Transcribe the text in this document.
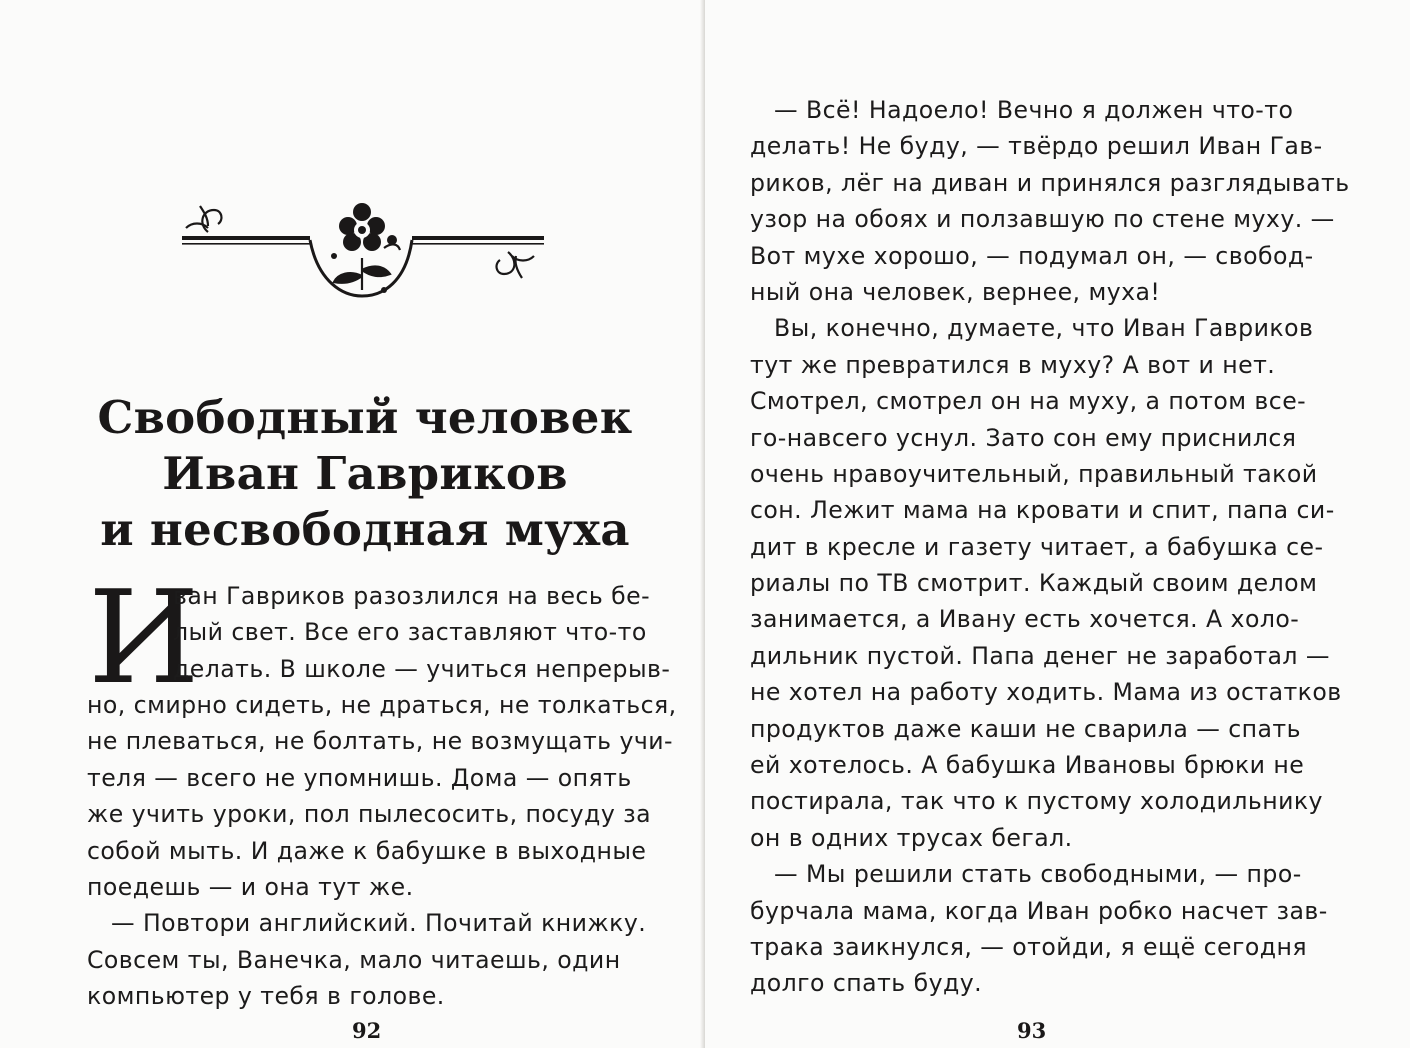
Свободный человек
Иван Гавриков
и несвободная муха
И
ван Гавриков разозлился на весь бе-
лый свет. Все его заставляют что-то
делать. В школе — учиться непрерыв-
но, смирно сидеть, не драться, не толкаться,
не плеваться, не болтать, не возмущать учи-
теля — всего не упомнишь. Дома — опять
же учить уроки, пол пылесосить, посуду за
собой мыть. И даже к бабушке в выходные
поедешь — и она тут же.
— Повтори английский. Почитай книжку.
Совсем ты, Ванечка, мало читаешь, один
компьютер у тебя в голове.
92
— Всё! Надоело! Вечно я должен что-то
делать! Не буду, — твёрдо решил Иван Гав-
риков, лёг на диван и принялся разглядывать
узор на обоях и ползавшую по стене муху. —
Вот мухе хорошо, — подумал он, — свобод-
ный она человек, вернее, муха!
Вы, конечно, думаете, что Иван Гавриков
тут же превратился в муху? А вот и нет.
Смотрел, смотрел он на муху, а потом все-
го-навсего уснул. Зато сон ему приснился
очень нравоучительный, правильный такой
сон. Лежит мама на кровати и спит, папа си-
дит в кресле и газету читает, а бабушка се-
риалы по ТВ смотрит. Каждый своим делом
занимается, а Ивану есть хочется. А холо-
дильник пустой. Папа денег не заработал —
не хотел на работу ходить. Мама из остатков
продуктов даже каши не сварила — спать
ей хотелось. А бабушка Ивановы брюки не
постирала, так что к пустому холодильнику
он в одних трусах бегал.
— Мы решили стать свободными, — про-
бурчала мама, когда Иван робко насчет зав-
трака заикнулся, — отойди, я ещё сегодня
долго спать буду.
93
